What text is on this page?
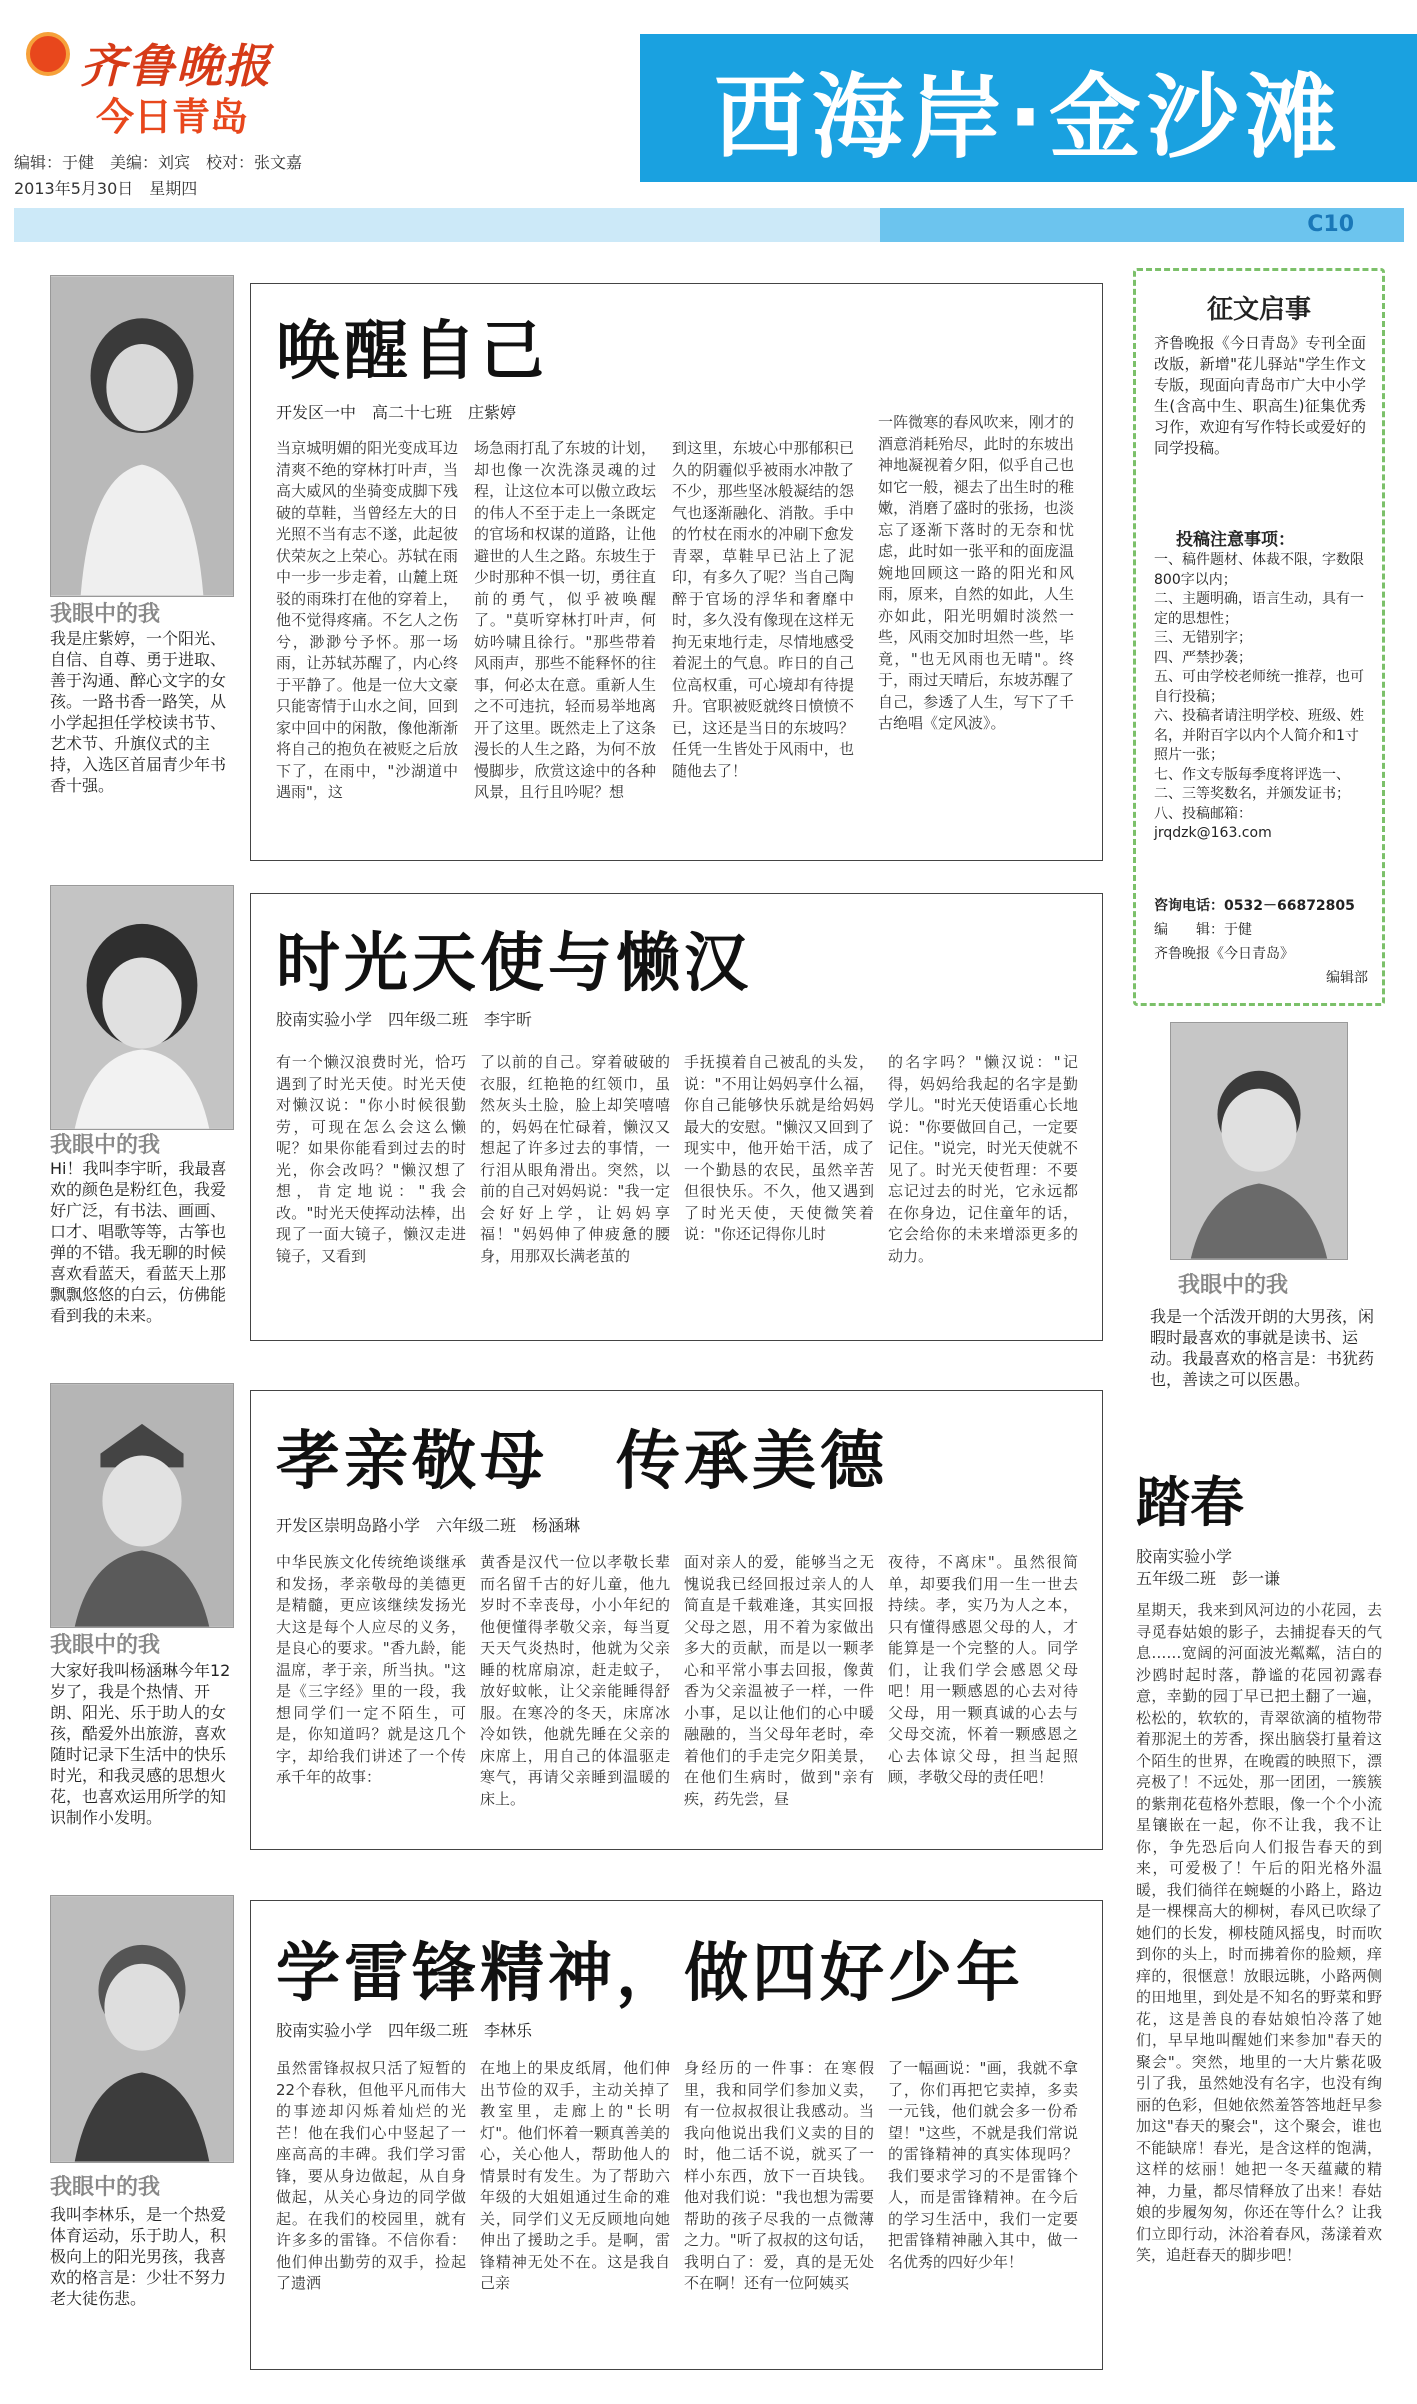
齐鲁晚报
今日青岛
编辑：于健　美编：刘宾　校对：张文嘉
2013年5月30日　星期四
西海岸·金沙滩
C10
我眼中的我
我是庄紫婷，一个阳光、自信、自尊、勇于进取、善于沟通、醉心文字的女孩。一路书香一路笑，从小学起担任学校读书节、艺术节、升旗仪式的主持，入选区首届青少年书香十强。
唤醒自己
开发区一中　高二十七班　庄紫婷
当京城明媚的阳光变成耳边清爽不绝的穿林打叶声，当高大威风的坐骑变成脚下残破的草鞋，当曾经左大的日光照不当有志不遂，此起彼伏荣灰之上荣心。苏轼在雨中一步一步走着，山麓上斑驳的雨珠打在他的穿着上，他不觉得疼痛。不乞人之伤兮，渺渺兮予怀。那一场雨，让苏轼苏醒了，内心终于平静了。他是一位大文豪只能寄情于山水之间，回到家中回中的闲散，像他渐渐将自己的抱负在被贬之后放下了，在雨中，"沙湖道中遇雨"，这
场急雨打乱了东坡的计划，却也像一次洗涤灵魂的过程，让这位本可以傲立政坛的伟人不至于走上一条既定的官场和权谋的道路，让他避世的人生之路。东坡生于少时那种不惧一切，勇往直前的勇气，似乎被唤醒了。"莫听穿林打叶声，何妨吟啸且徐行。"那些带着风雨声，那些不能释怀的往事，何必太在意。重新人生之不可违抗，轻而易举地离开了这里。既然走上了这条漫长的人生之路，为何不放慢脚步，欣赏这途中的各种风景，且行且吟呢？想
到这里，东坡心中那郁积已久的阴霾似乎被雨水冲散了不少，那些坚冰般凝结的怨气也逐渐融化、消散。手中的竹杖在雨水的冲刷下愈发青翠，草鞋早已沾上了泥印，有多久了呢？当自己陶醉于官场的浮华和奢靡中时，多久没有像现在这样无拘无束地行走，尽情地感受着泥土的气息。昨日的自己位高权重，可心境却有待提升。官职被贬就终日愤愤不已，这还是当日的东坡吗？任凭一生皆处于风雨中，也随他去了！
一阵微寒的春风吹来，刚才的酒意消耗殆尽，此时的东坡出神地凝视着夕阳，似乎自己也如它一般，褪去了出生时的稚嫩，消磨了盛时的张扬，也淡忘了逐渐下落时的无奈和忧虑，此时如一张平和的面庞温婉地回顾这一路的阳光和风雨，原来，自然的如此，人生亦如此，阳光明媚时淡然一些，风雨交加时坦然一些，毕竟，"也无风雨也无晴"。终于，雨过天晴后，东坡苏醒了自己，参透了人生，写下了千古绝唱《定风波》。
我眼中的我
Hi！我叫李宇昕，我最喜欢的颜色是粉红色，我爱好广泛，有书法、画画、口才、唱歌等等，古筝也弹的不错。我无聊的时候喜欢看蓝天，看蓝天上那飘飘悠悠的白云，仿佛能看到我的未来。
时光天使与懒汉
胶南实验小学　四年级二班　李宇昕
有一个懒汉浪费时光，恰巧遇到了时光天使。时光天使对懒汉说："你小时候很勤劳，可现在怎么会这么懒呢？如果你能看到过去的时光，你会改吗？"懒汉想了想，肯定地说："我会改。"时光天使挥动法棒，出现了一面大镜子，懒汉走进镜子，又看到
了以前的自己。穿着破破的衣服，红艳艳的红领巾，虽然灰头土脸，脸上却笑嘻嘻的，妈妈在忙碌着，懒汉又想起了许多过去的事情，一行泪从眼角滑出。突然，以前的自己对妈妈说："我一定会好好上学，让妈妈享福！"妈妈伸了伸疲惫的腰身，用那双长满老茧的
手抚摸着自己被乱的头发，说："不用让妈妈享什么福，你自己能够快乐就是给妈妈最大的安慰。"懒汉又回到了现实中，他开始干活，成了一个勤恳的农民，虽然辛苦但很快乐。不久，他又遇到了时光天使，天使微笑着说："你还记得你儿时
的名字吗？"懒汉说："记得，妈妈给我起的名字是勤学儿。"时光天使语重心长地说："你要做回自己，一定要记住。"说完，时光天使就不见了。时光天使哲理：不要忘记过去的时光，它永远都在你身边，记住童年的话，它会给你的未来增添更多的动力。
我眼中的我
大家好我叫杨涵琳今年12岁了，我是个热情、开朗、阳光、乐于助人的女孩，酷爱外出旅游，喜欢随时记录下生活中的快乐时光，和我灵感的思想火花，也喜欢运用所学的知识制作小发明。
孝亲敬母　传承美德
开发区崇明岛路小学　六年级二班　杨涵琳
中华民族文化传统绝谈继承和发扬，孝亲敬母的美德更是精髓，更应该继续发扬光大这是每个人应尽的义务，是良心的要求。"香九龄，能温席，孝于亲，所当执。"这是《三字经》里的一段，我想同学们一定不陌生，可是，你知道吗？就是这几个字，却给我们讲述了一个传承千年的故事：
黄香是汉代一位以孝敬长辈而名留千古的好儿童，他九岁时不幸丧母，小小年纪的他便懂得孝敬父亲，每当夏天天气炎热时，他就为父亲睡的枕席扇凉，赶走蚊子，放好蚊帐，让父亲能睡得舒服。在寒冷的冬天，床席冰冷如铁，他就先睡在父亲的床席上，用自己的体温驱走寒气，再请父亲睡到温暖的床上。
面对亲人的爱，能够当之无愧说我已经回报过亲人的人简直是千载难逢，其实回报父母之恩，用不着为家做出多大的贡献，而是以一颗孝心和平常小事去回报，像黄香为父亲温被子一样，一件小事，足以让他们的心中暖融融的，当父母年老时，牵着他们的手走完夕阳美景，在他们生病时，做到"亲有疾，药先尝，昼
夜待，不离床"。虽然很简单，却要我们用一生一世去持续。孝，实乃为人之本，只有懂得感恩父母的人，才能算是一个完整的人。同学们，让我们学会感恩父母吧！用一颗感恩的心去对待父母，用一颗真诚的心去与父母交流，怀着一颗感恩之心去体谅父母，担当起照顾，孝敬父母的责任吧！
我眼中的我
我叫李林乐，是一个热爱体育运动，乐于助人，积极向上的阳光男孩，我喜欢的格言是：少壮不努力老大徒伤悲。
学雷锋精神，做四好少年
胶南实验小学　四年级二班　李林乐
虽然雷锋叔叔只活了短暂的22个春秋，但他平凡而伟大的事迹却闪烁着灿烂的光芒！他在我们心中竖起了一座高高的丰碑。我们学习雷锋，要从身边做起，从自身做起，从关心身边的同学做起。在我们的校园里，就有许多多的雷锋。不信你看：他们伸出勤劳的双手，捡起了遗洒
在地上的果皮纸屑，他们伸出节俭的双手，主动关掉了教室里，走廊上的"长明灯"。他们怀着一颗真善美的心，关心他人，帮助他人的情景时有发生。为了帮助六年级的大姐姐通过生命的难关，同学们义无反顾地向她伸出了援助之手。是啊，雷锋精神无处不在。这是我自己亲
身经历的一件事：在寒假里，我和同学们参加义卖，有一位叔叔很让我感动。当我向他说出我们义卖的目的时，他二话不说，就买了一样小东西，放下一百块钱。他对我们说："我也想为需要帮助的孩子尽我的一点微薄之力。"听了叔叔的这句话，我明白了：爱，真的是无处不在啊！还有一位阿姨买
了一幅画说："画，我就不拿了，你们再把它卖掉，多卖一元钱，他们就会多一份希望！"这些，不就是我们常说的雷锋精神的真实体现吗？我们要求学习的不是雷锋个人，而是雷锋精神。在今后的学习生活中，我们一定要把雷锋精神融入其中，做一名优秀的四好少年！
征文启事
齐鲁晚报《今日青岛》专刊全面改版，新增"花儿驿站"学生作文专版，现面向青岛市广大中小学生(含高中生、职高生)征集优秀习作，欢迎有写作特长或爱好的同学投稿。
投稿注意事项：
一、稿件题材、体裁不限，字数限800字以内；
二、主题明确，语言生动，具有一定的思想性；
三、无错别字；
四、严禁抄袭；
五、可由学校老师统一推荐，也可自行投稿；
六、投稿者请注明学校、班级、姓名，并附百字以内个人简介和1寸照片一张；
七、作文专版每季度将评选一、二、三等奖数名，并颁发证书；
八、投稿邮箱：jrqdzk@163.com
咨询电话：0532－66872805
编　　辑：于健
齐鲁晚报《今日青岛》
编辑部
我眼中的我
我是一个活泼开朗的大男孩，闲暇时最喜欢的事就是读书、运动。我最喜欢的格言是：书犹药也，善读之可以医愚。
踏春
胶南实验小学
五年级二班　彭一谦
星期天，我来到风河边的小花园，去寻觅春姑娘的影子，去捕捉春天的气息……宽阔的河面波光粼粼，洁白的沙鸥时起时落，静谧的花园初露春意，幸勤的园丁早已把土翻了一遍，松松的，软软的，青翠欲滴的植物带着那泥土的芳香，探出脑袋打量着这个陌生的世界，在晚霞的映照下，漂亮极了！不远处，那一团团，一簇簇的紫荆花苞格外惹眼，像一个个小流星镶嵌在一起，你不让我，我不让你，争先恐后向人们报告春天的到来，可爱极了！午后的阳光格外温暖，我们徜徉在蜿蜒的小路上，路边是一棵棵高大的柳树，春风已吹绿了她们的长发，柳枝随风摇曳，时而吹到你的头上，时而拂着你的脸颊，痒痒的，很惬意！放眼远眺，小路两侧的田地里，到处是不知名的野菜和野花，这是善良的春姑娘怕冷落了她们，早早地叫醒她们来参加"春天的聚会"。突然，地里的一大片紫花吸引了我，虽然她没有名字，也没有绚丽的色彩，但她依然羞答答地赶早参加这"春天的聚会"，这个聚会，谁也不能缺席！春光，是含这样的饱满，这样的炫丽！她把一冬天蕴藏的精神，力量，都尽情释放了出来！春姑娘的步履匆匆，你还在等什么？让我们立即行动，沐浴着春风，荡漾着欢笑，追赶春天的脚步吧！
